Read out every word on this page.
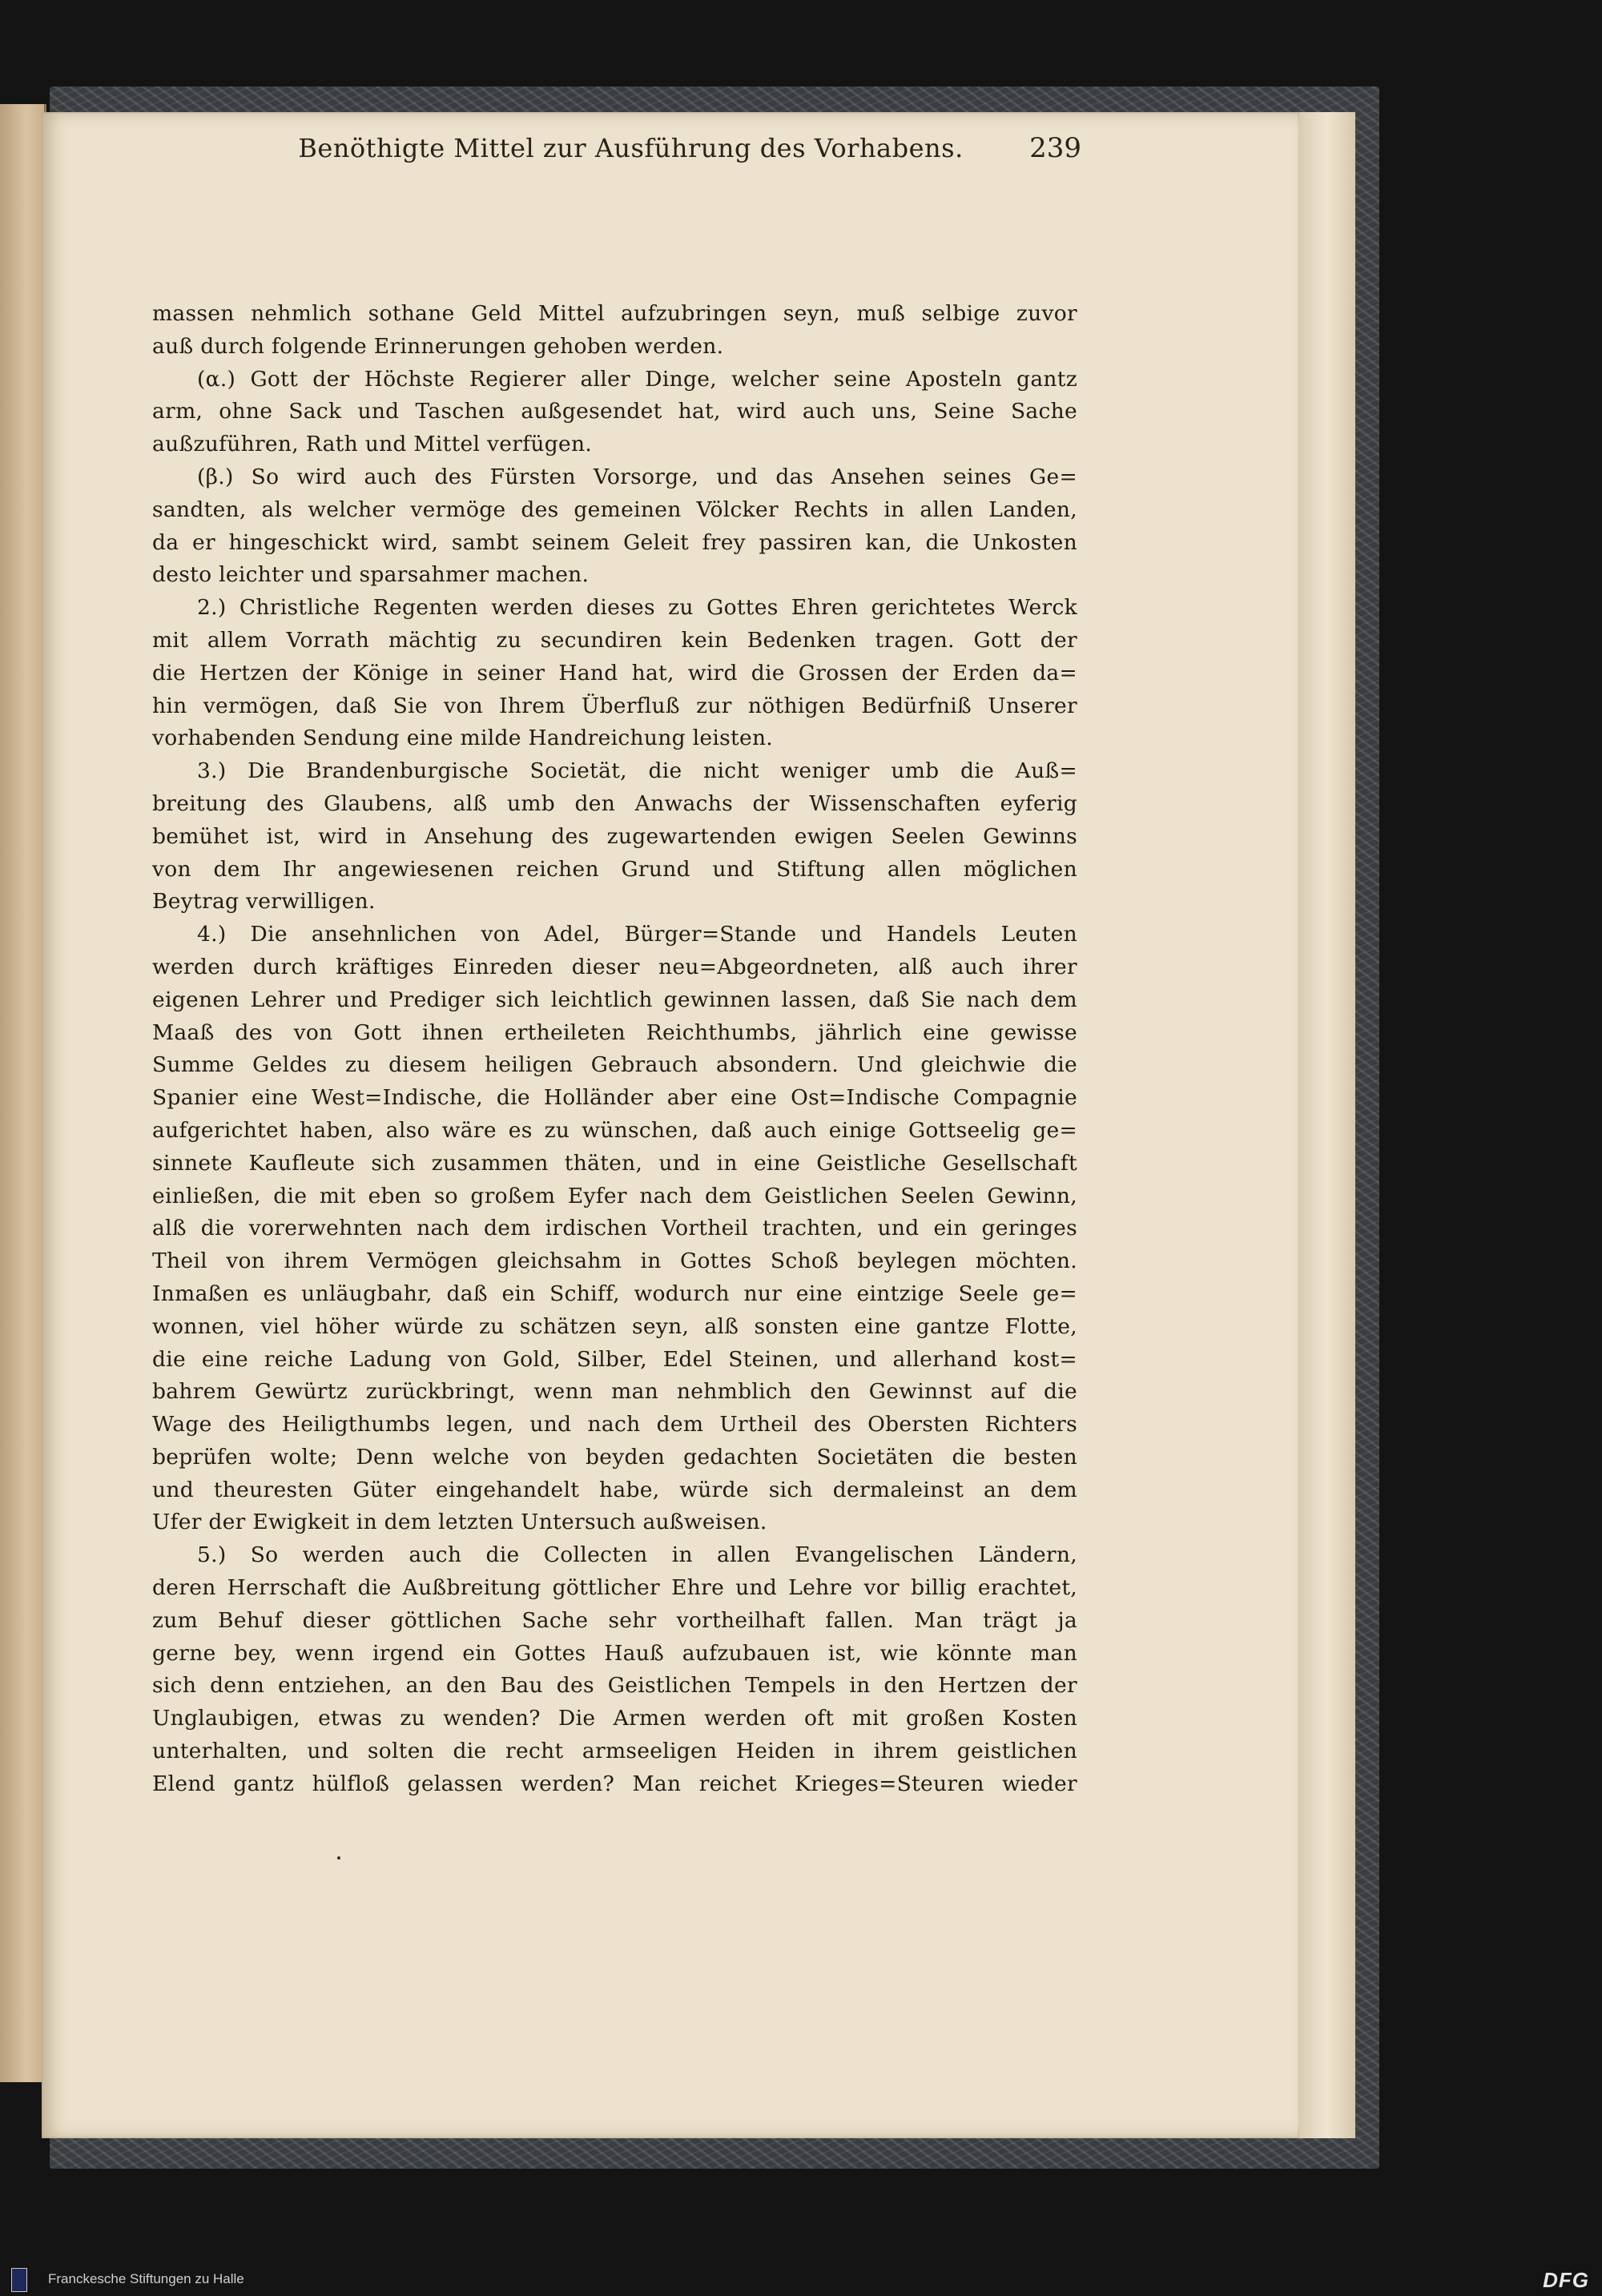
Benöthigte Mittel zur Ausführung des Vorhabens.	239
massen nehmlich sothane Geld Mittel aufzubringen seyn, muß selbige zuvor
auß durch folgende Erinnerungen gehoben werden.
(α.) Gott der Höchste Regierer aller Dinge, welcher seine Aposteln gantz
arm, ohne Sack und Taschen außgesendet hat, wird auch uns, Seine Sache
außzuführen, Rath und Mittel verfügen.
(β.) So wird auch des Fürsten Vorsorge, und das Ansehen seines Ge=
sandten, als welcher vermöge des gemeinen Völcker Rechts in allen Landen,
da er hingeschickt wird, sambt seinem Geleit frey passiren kan, die Unkosten
desto leichter und sparsahmer machen.
2.) Christliche Regenten werden dieses zu Gottes Ehren gerichtetes Werck
mit allem Vorrath mächtig zu secundiren kein Bedenken tragen. Gott der
die Hertzen der Könige in seiner Hand hat, wird die Grossen der Erden da=
hin vermögen, daß Sie von Ihrem Überfluß zur nöthigen Bedürfniß Unserer
vorhabenden Sendung eine milde Handreichung leisten.
3.) Die Brandenburgische Societät, die nicht weniger umb die Auß=
breitung des Glaubens, alß umb den Anwachs der Wissenschaften eyferig
bemühet ist, wird in Ansehung des zugewartenden ewigen Seelen Gewinns
von dem Ihr angewiesenen reichen Grund und Stiftung allen möglichen
Beytrag verwilligen.
4.) Die ansehnlichen von Adel, Bürger=Stande und Handels Leuten
werden durch kräftiges Einreden dieser neu=Abgeordneten, alß auch ihrer
eigenen Lehrer und Prediger sich leichtlich gewinnen lassen, daß Sie nach dem
Maaß des von Gott ihnen ertheileten Reichthumbs, jährlich eine gewisse
Summe Geldes zu diesem heiligen Gebrauch absondern. Und gleichwie die
Spanier eine West=Indische, die Holländer aber eine Ost=Indische Compagnie
aufgerichtet haben, also wäre es zu wünschen, daß auch einige Gottseelig ge=
sinnete Kaufleute sich zusammen thäten, und in eine Geistliche Gesellschaft
einließen, die mit eben so großem Eyfer nach dem Geistlichen Seelen Gewinn,
alß die vorerwehnten nach dem irdischen Vortheil trachten, und ein geringes
Theil von ihrem Vermögen gleichsahm in Gottes Schoß beylegen möchten.
Inmaßen es unläugbahr, daß ein Schiff, wodurch nur eine eintzige Seele ge=
wonnen, viel höher würde zu schätzen seyn, alß sonsten eine gantze Flotte,
die eine reiche Ladung von Gold, Silber, Edel Steinen, und allerhand kost=
bahrem Gewürtz zurückbringt, wenn man nehmblich den Gewinnst auf die
Wage des Heiligthumbs legen, und nach dem Urtheil des Obersten Richters
beprüfen wolte; Denn welche von beyden gedachten Societäten die besten
und theuresten Güter eingehandelt habe, würde sich dermaleinst an dem
Ufer der Ewigkeit in dem letzten Untersuch außweisen.
5.) So werden auch die Collecten in allen Evangelischen Ländern,
deren Herrschaft die Außbreitung göttlicher Ehre und Lehre vor billig erachtet,
zum Behuf dieser göttlichen Sache sehr vortheilhaft fallen. Man trägt ja
gerne bey, wenn irgend ein Gottes Hauß aufzubauen ist, wie könnte man
sich denn entziehen, an den Bau des Geistlichen Tempels in den Hertzen der
Unglaubigen, etwas zu wenden? Die Armen werden oft mit großen Kosten
unterhalten, und solten die recht armseeligen Heiden in ihrem geistlichen
Elend gantz hülfloß gelassen werden? Man reichet Krieges=Steuren wieder
Franckesche Stiftungen zu Halle	DFG
